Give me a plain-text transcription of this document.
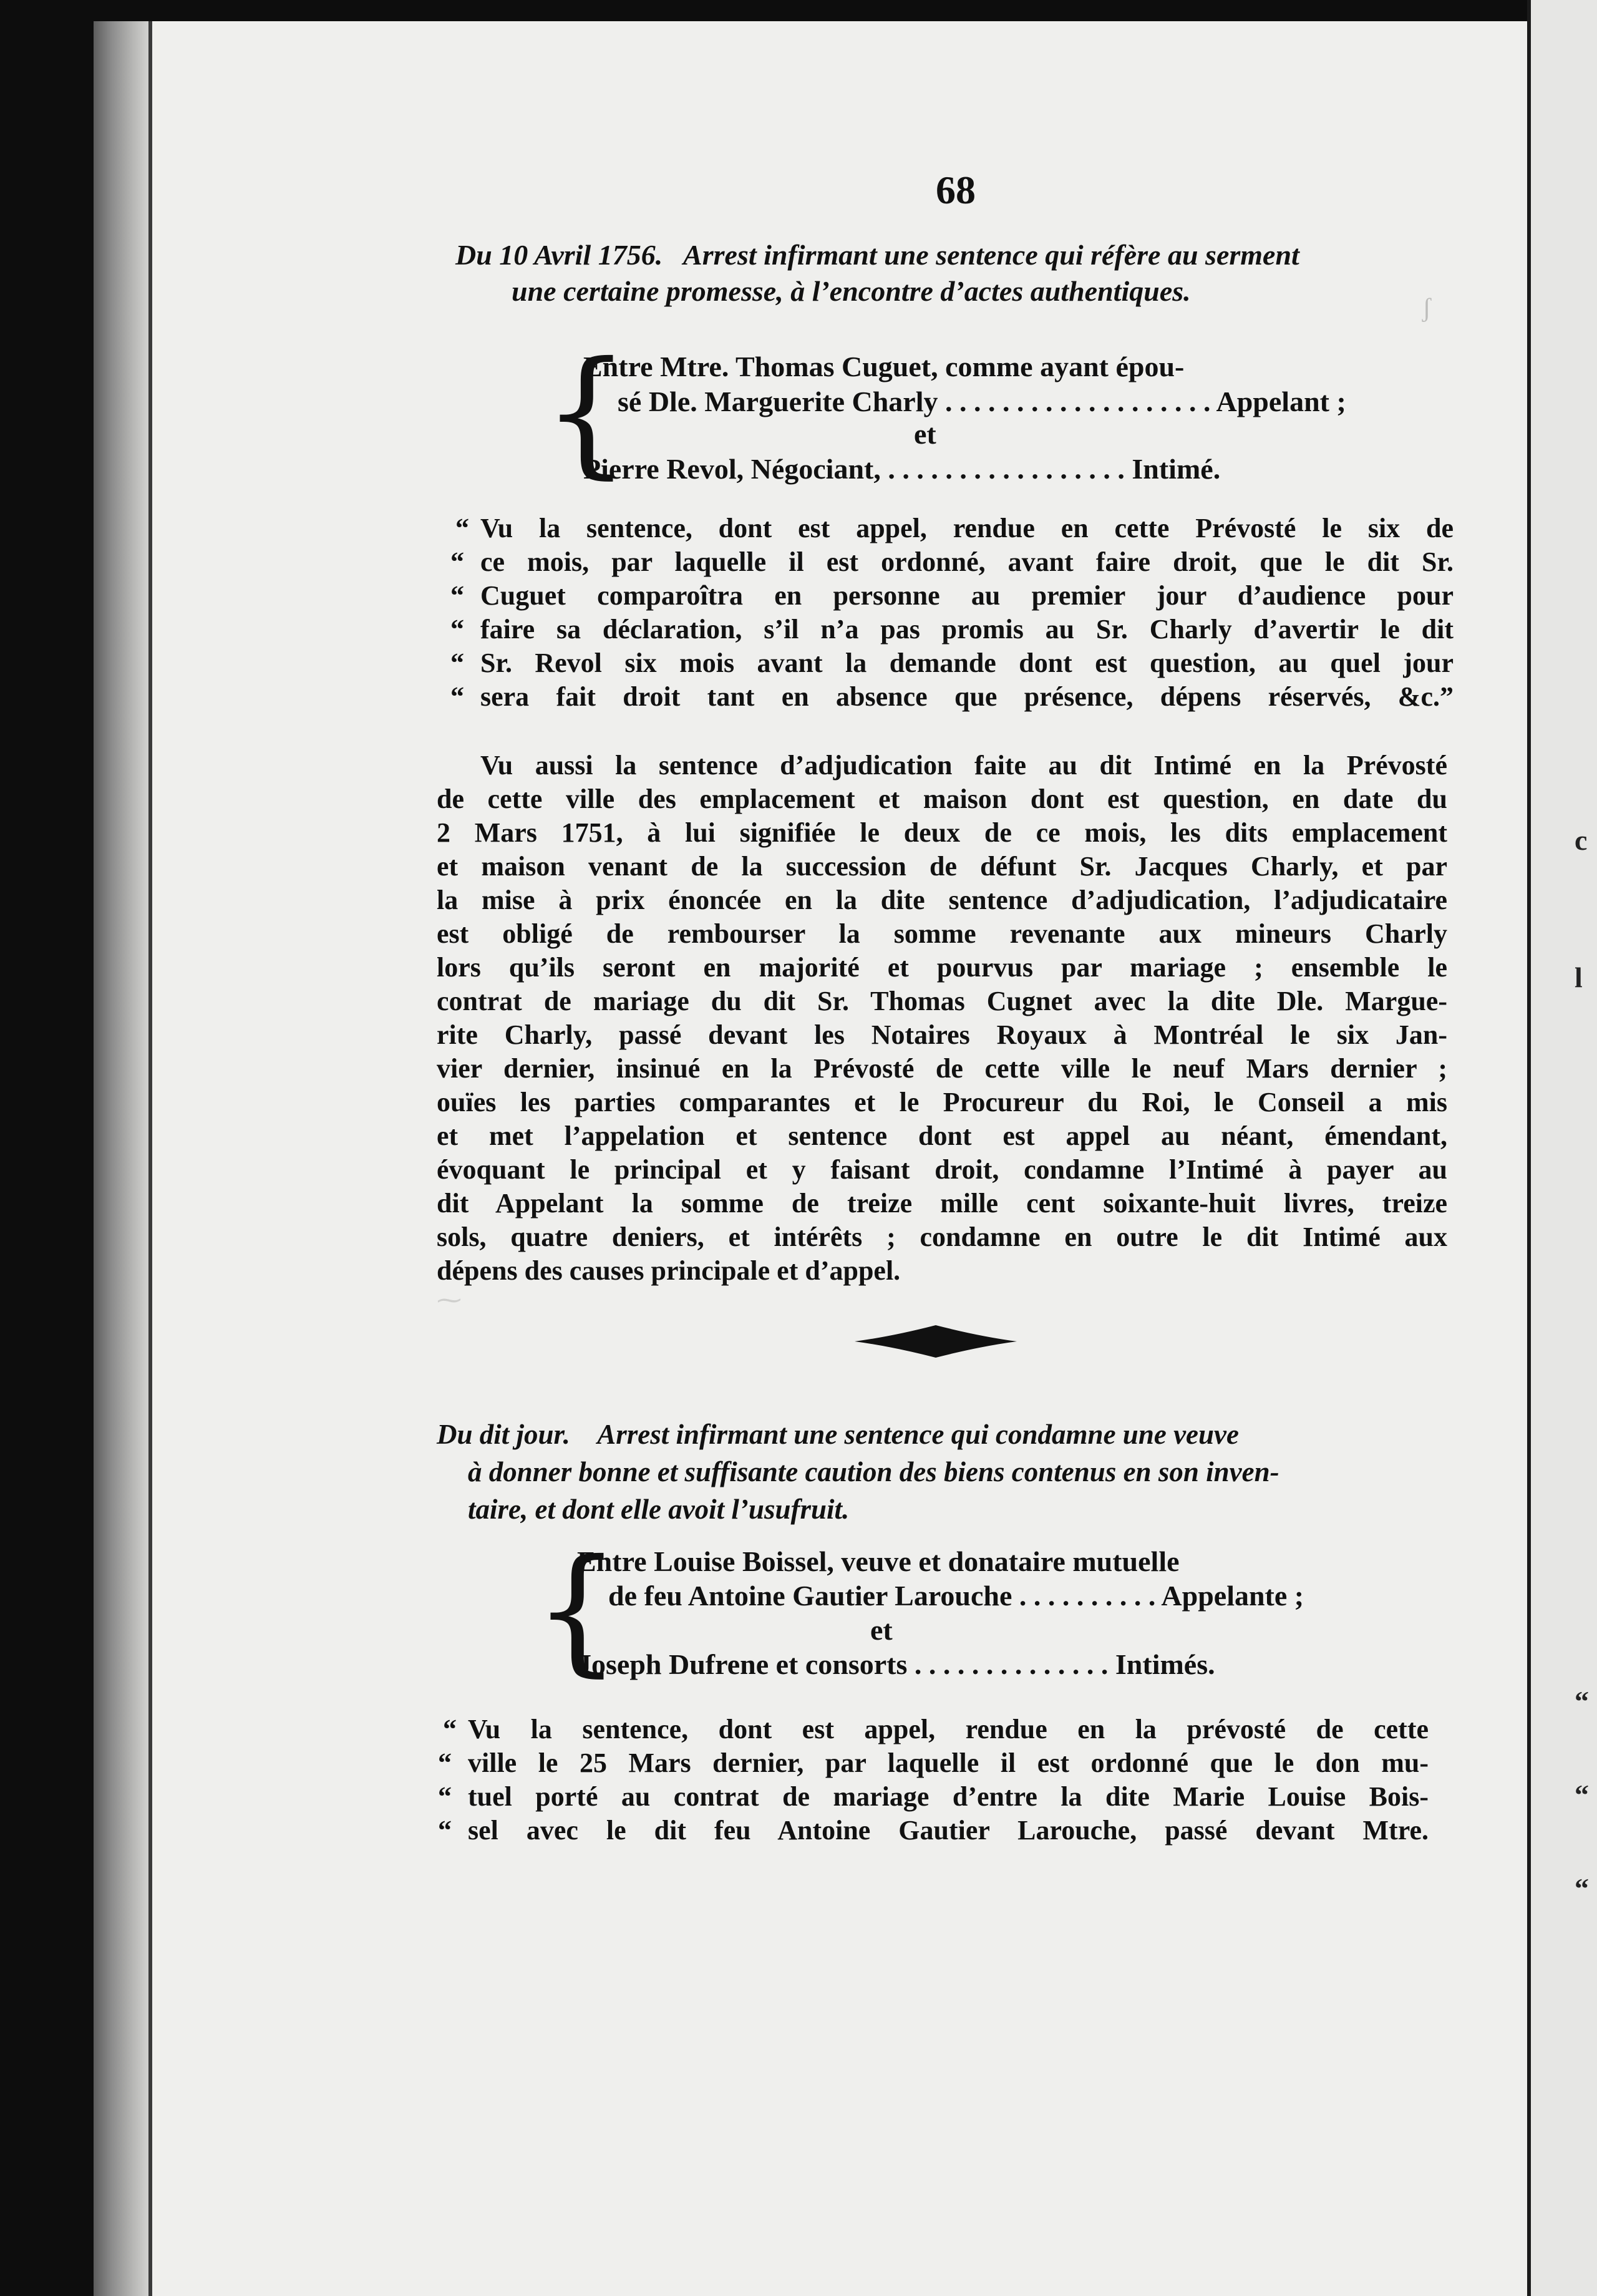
c
l
“
“
“
ʃ
⁓
68
Du 10 Avril 1756. Arrest infirmant une sentence qui réfère au serment
une certaine promesse, à l’encontre d’actes authentiques.
{
Entre Mtre. Thomas Cuguet, comme ayant épou-
sé Dle. Marguerite Charly . . . . . . . . . . . . . . . . . . . Appelant ;
et
Pierre Revol, Négociant, . . . . . . . . . . . . . . . . . Intimé.
Vu la sentence, dont est appel, rendue en cette Prévosté le six de
“
“ ce mois, par laquelle il est ordonné, avant faire droit, que le dit Sr.
“ Cuguet comparoîtra en personne au premier jour d’audience pour
“ faire sa déclaration, s’il n’a pas promis au Sr. Charly d’avertir le dit
“ Sr. Revol six mois avant la demande dont est question, au quel jour
“ sera fait droit tant en absence que présence, dépens réservés, &c.”
Vu aussi la sentence d’adjudication faite au dit Intimé en la Prévosté
de cette ville des emplacement et maison dont est question, en date du
2 Mars 1751, à lui signifiée le deux de ce mois, les dits emplacement
et maison venant de la succession de défunt Sr. Jacques Charly, et par
la mise à prix énoncée en la dite sentence d’adjudication, l’adjudicataire
est obligé de rembourser la somme revenante aux mineurs Charly
lors qu’ils seront en majorité et pourvus par mariage ; ensemble le
contrat de mariage du dit Sr. Thomas Cugnet avec la dite Dle. Margue-
rite Charly, passé devant les Notaires Royaux à Montréal le six Jan-
vier dernier, insinué en la Prévosté de cette ville le neuf Mars dernier ;
ouïes les parties comparantes et le Procureur du Roi, le Conseil a mis
et met l’appelation et sentence dont est appel au néant, émendant,
évoquant le principal et y faisant droit, condamne l’Intimé à payer au
dit Appelant la somme de treize mille cent soixante-huit livres, treize
sols, quatre deniers, et intérêts ; condamne en outre le dit Intimé aux
dépens des causes principale et d’appel.
Du dit jour. Arrest infirmant une sentence qui condamne une veuve
à donner bonne et suffisante caution des biens contenus en son inven-
taire, et dont elle avoit l’usufruit.
{
Entre Louise Boissel, veuve et donataire mutuelle
de feu Antoine Gautier Larouche . . . . . . . . . . Appelante ;
et
Joseph Dufrene et consorts . . . . . . . . . . . . . . Intimés.
Vu la sentence, dont est appel, rendue en la prévosté de cette
“
“ ville le 25 Mars dernier, par laquelle il est ordonné que le don mu-
“ tuel porté au contrat de mariage d’entre la dite Marie Louise Bois-
“ sel avec le dit feu Antoine Gautier Larouche, passé devant Mtre.
